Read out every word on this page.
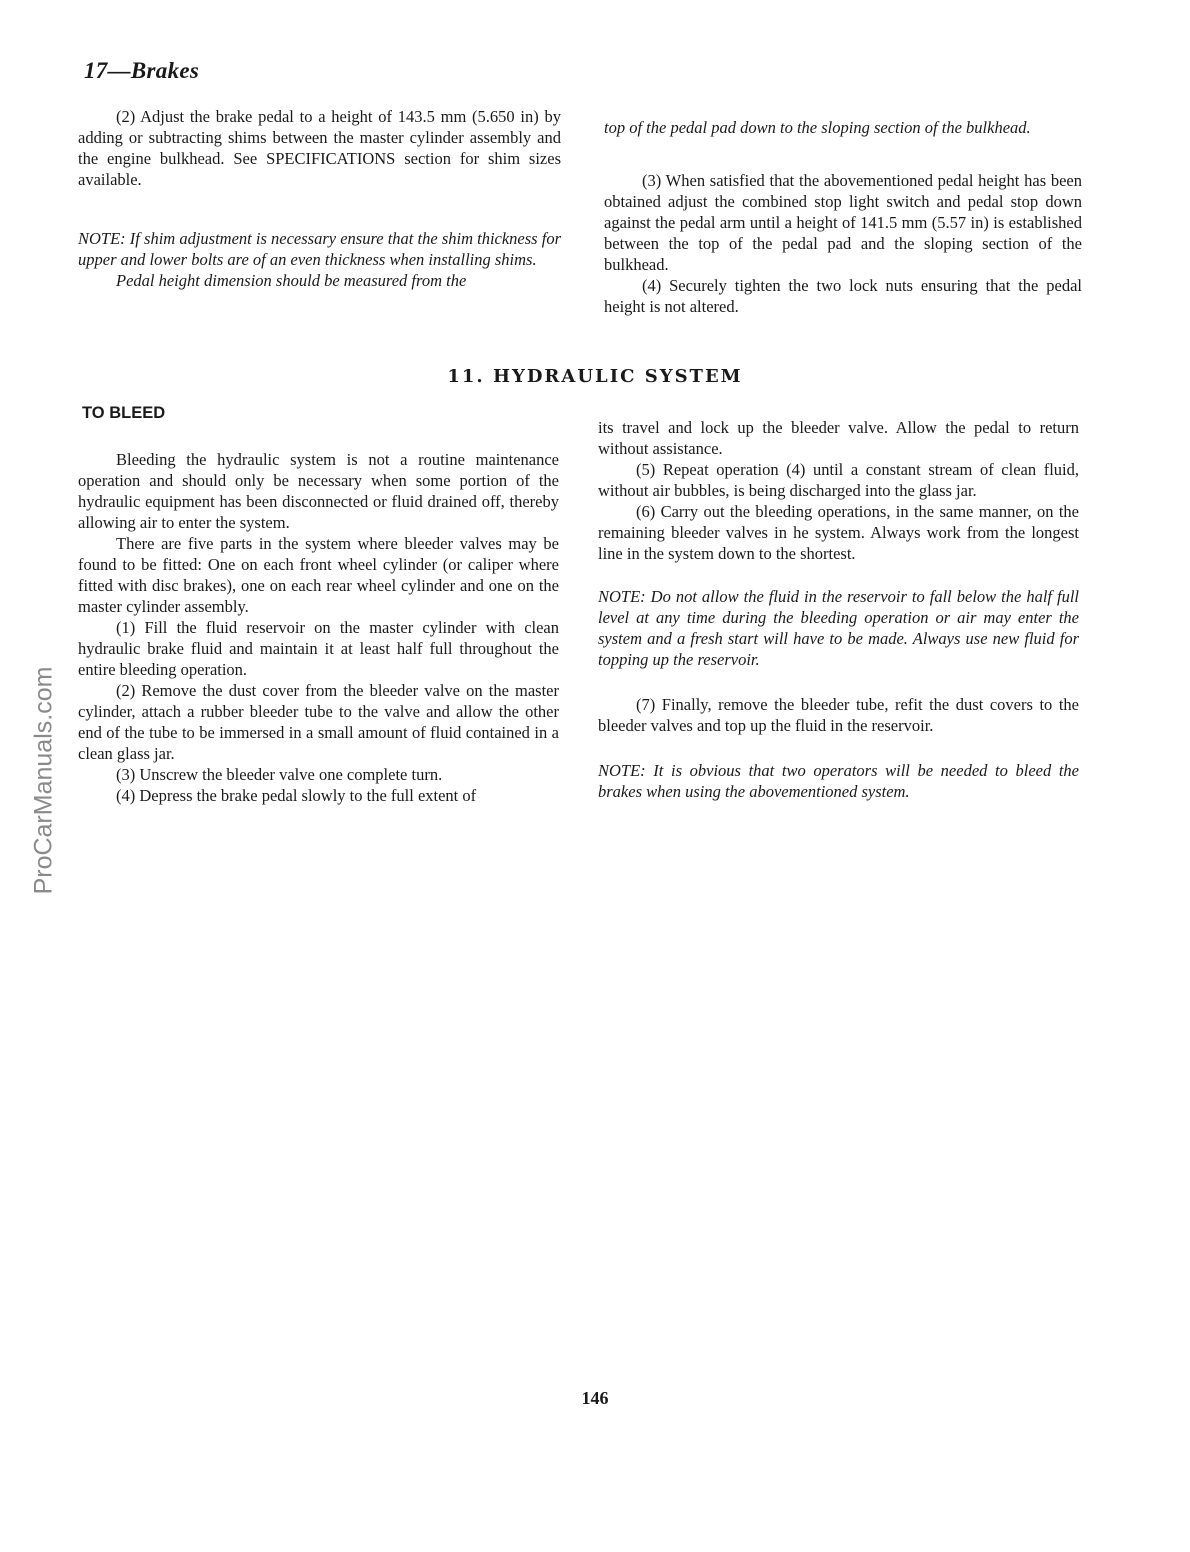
17—Brakes

(2) Adjust the brake pedal to a height of 143.5 mm (5.650 in) by adding or subtracting shims between the master cylinder assembly and the engine bulkhead. See SPECIFICATIONS section for shim sizes available.

NOTE: If shim adjustment is necessary ensure that the shim thickness for upper and lower bolts are of an even thickness when installing shims.

Pedal height dimension should be measured from the

top of the pedal pad down to the sloping section of the bulkhead.

(3) When satisfied that the abovementioned pedal height has been obtained adjust the combined stop light switch and pedal stop down against the pedal arm until a height of 141.5 mm (5.57 in) is established between the top of the pedal pad and the sloping section of the bulkhead.

(4) Securely tighten the two lock nuts ensuring that the pedal height is not altered.

11. HYDRAULIC SYSTEM
TO BLEED

Bleeding the hydraulic system is not a routine maintenance operation and should only be necessary when some portion of the hydraulic equipment has been disconnected or fluid drained off, thereby allowing air to enter the system.

There are five parts in the system where bleeder valves may be found to be fitted: One on each front wheel cylinder (or caliper where fitted with disc brakes), one on each rear wheel cylinder and one on the master cylinder assembly.

(1) Fill the fluid reservoir on the master cylinder with clean hydraulic brake fluid and maintain it at least half full throughout the entire bleeding operation.

(2) Remove the dust cover from the bleeder valve on the master cylinder, attach a rubber bleeder tube to the valve and allow the other end of the tube to be immersed in a small amount of fluid contained in a clean glass jar.

(3) Unscrew the bleeder valve one complete turn.

(4) Depress the brake pedal slowly to the full extent of

its travel and lock up the bleeder valve. Allow the pedal to return without assistance.

(5) Repeat operation (4) until a constant stream of clean fluid, without air bubbles, is being discharged into the glass jar.

(6) Carry out the bleeding operations, in the same manner, on the remaining bleeder valves in he system. Always work from the longest line in the system down to the shortest.

NOTE: Do not allow the fluid in the reservoir to fall below the half full level at any time during the bleeding operation or air may enter the system and a fresh start will have to be made. Always use new fluid for topping up the reservoir.

(7) Finally, remove the bleeder tube, refit the dust covers to the bleeder valves and top up the fluid in the reservoir.

NOTE: It is obvious that two operators will be needed to bleed the brakes when using the abovementioned system.

146
ProCarManuals.com
